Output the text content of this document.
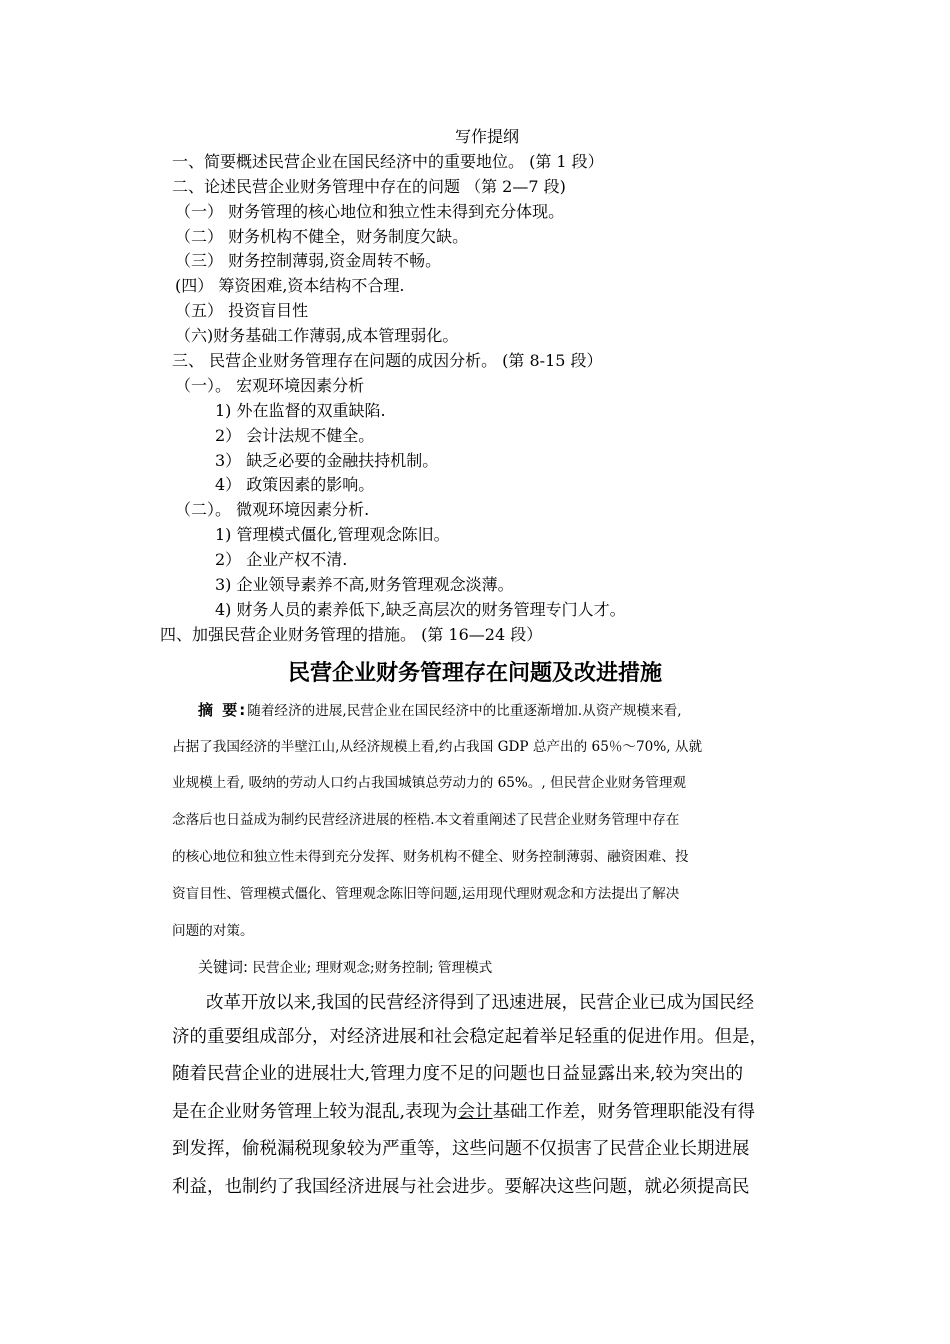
写作提纲
一、简要概述民营企业在国民经济中的重要地位。 (第 1 段）
二、论述民营企业财务管理中存在的问题 （第 2—7 段)
（一） 财务管理的核心地位和独立性未得到充分体现。
（二） 财务机构不健全，财务制度欠缺。
（三） 财务控制薄弱,资金周转不畅。
(四） 筹资困难,资本结构不合理.
（五） 投资盲目性
（六)财务基础工作薄弱,成本管理弱化。
三、 民营企业财务管理存在问题的成因分析。 (第 8-15 段）
（一）。 宏观环境因素分析
1) 外在监督的双重缺陷.
2） 会计法规不健全。
3） 缺乏必要的金融扶持机制。
4） 政策因素的影响。
（二）。 微观环境因素分析.
1) 管理模式僵化,管理观念陈旧。
2） 企业产权不清.
3) 企业领导素养不高,财务管理观念淡薄。
4) 财务人员的素养低下,缺乏高层次的财务管理专门人才。
四、加强民营企业财务管理的措施。 (第 16—24 段）
民营企业财务管理存在问题及改进措施
摘 要:随着经济的进展,民营企业在国民经济中的比重逐渐增加.从资产规模来看,
占据了我国经济的半壁江山,从经济规模上看,约占我国 GDP 总产出的 65％～70%, 从就
业规模上看, 吸纳的劳动人口约占我国城镇总劳动力的 65%。, 但民营企业财务管理观
念落后也日益成为制约民营经济进展的桎梏.本文着重阐述了民营企业财务管理中存在
的核心地位和独立性未得到充分发挥、财务机构不健全、财务控制薄弱、融资困难、投
资盲目性、管理模式僵化、管理观念陈旧等问题,运用现代理财观念和方法提出了解决
问题的对策。
关键词: 民营企业; 理财观念;财务控制; 管理模式
改革开放以来,我国的民营经济得到了迅速进展，民营企业已成为国民经
济的重要组成部分，对经济进展和社会稳定起着举足轻重的促进作用。但是，
随着民营企业的进展壮大,管理力度不足的问题也日益显露出来,较为突出的
是在企业财务管理上较为混乱,表现为会计基础工作差，财务管理职能没有得
到发挥，偷税漏税现象较为严重等，这些问题不仅损害了民营企业长期进展
利益，也制约了我国经济进展与社会进步。要解决这些问题，就必须提高民
